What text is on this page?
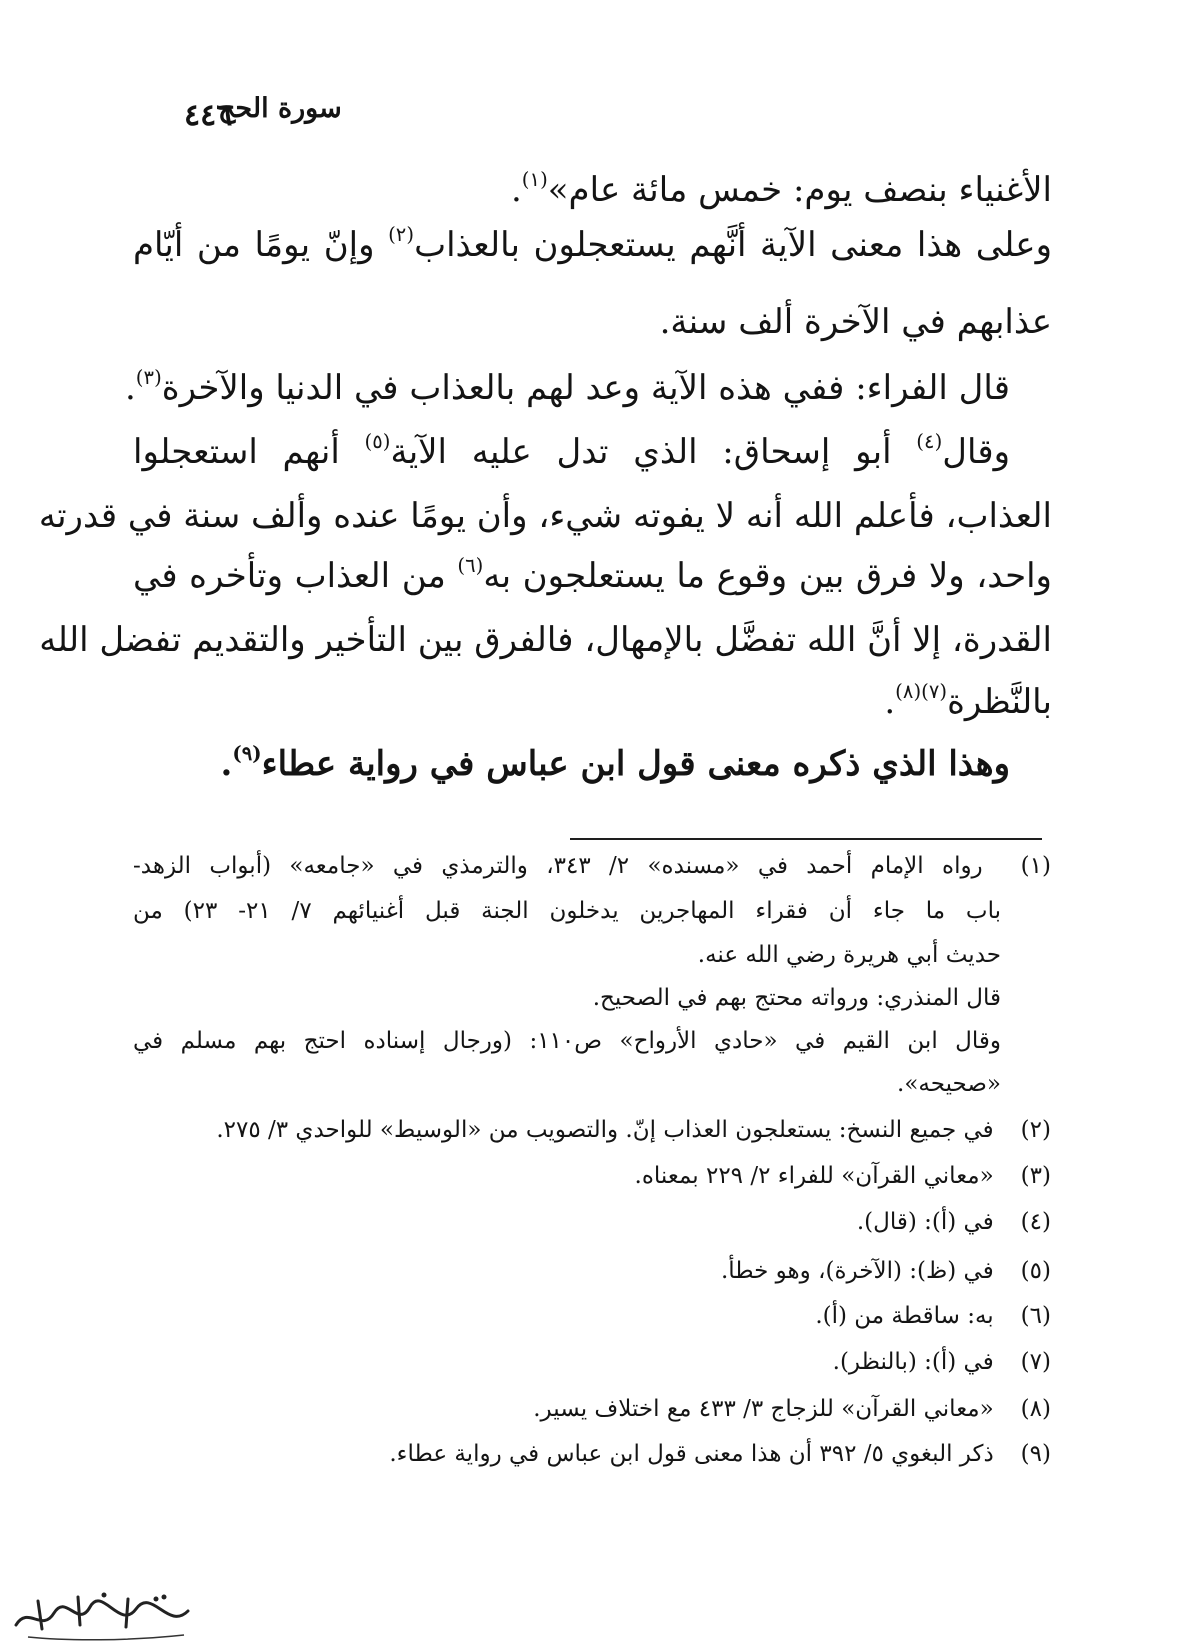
٤٤٦
سورة الحج
الأغنياء بنصف يوم: خمس مائة عام»$^{(١)}$.
وعلى هذا معنى الآية أنَّهم يستعجلون بالعذاب$^{(٢)}$ وإنّ يومًا من أيّام
عذابهم في الآخرة ألف سنة.
قال الفراء: ففي هذه الآية وعد لهم بالعذاب في الدنيا والآخرة$^{(٣)}$.
وقال$^{(٤)}$ أبو إسحاق: الذي تدل عليه الآية$^{(٥)}$ أنهم استعجلوا
العذاب، فأعلم الله أنه لا يفوته شيء، وأن يومًا عنده وألف سنة في قدرته
واحد، ولا فرق بين وقوع ما يستعلجون به$^{(٦)}$ من العذاب وتأخره في
القدرة، إلا أنَّ الله تفضَّل بالإمهال، فالفرق بين التأخير والتقديم تفضل الله
بالنَّظرة$^{(٧)(٨)}$.
وهذا الذي ذكره معنى قول ابن عباس في رواية عطاء$^{(٩)}$.
(١) رواه الإمام أحمد في «مسنده» ٢/ ٣٤٣، والترمذي في «جامعه» (أبواب الزهد-
باب ما جاء أن فقراء المهاجرين يدخلون الجنة قبل أغنيائهم ٧/ ٢١- ٢٣) من
حديث أبي هريرة رضي الله عنه.
قال المنذري: ورواته محتج بهم في الصحيح.
وقال ابن القيم في «حادي الأرواح» ص١١٠: (ورجال إسناده احتج بهم مسلم في
«صحيحه».
(٢) في جميع النسخ: يستعلجون العذاب إنّ. والتصويب من «الوسيط» للواحدي ٣/ ٢٧٥.
(٣) «معاني القرآن» للفراء ٢/ ٢٢٩ بمعناه.
(٤) في (أ): (قال).
(٥) في (ظ): (الآخرة)، وهو خطأ.
(٦) به: ساقطة من (أ).
(٧) في (أ): (بالنظر).
(٨) «معاني القرآن» للزجاج ٣/ ٤٣٣ مع اختلاف يسير.
(٩) ذكر البغوي ٥/ ٣٩٢ أن هذا معنى قول ابن عباس في رواية عطاء.
